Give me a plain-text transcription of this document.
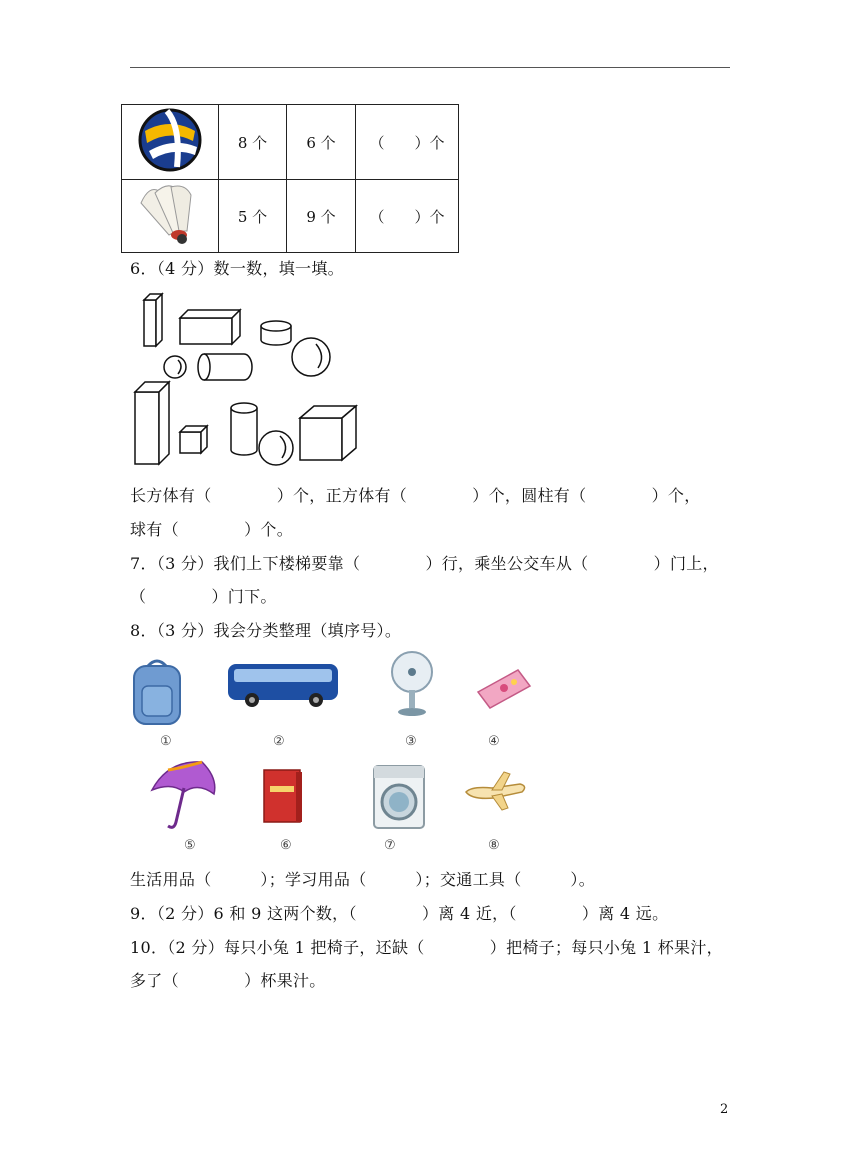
	8 个	6 个	（　　）个
	5 个	9 个	（　　）个
6．（4 分）数一数，填一填。
长方体有（　　　　）个，正方体有（　　　　）个，圆柱有（　　　　）个，
球有（　　　　）个。
7．（3 分）我们上下楼梯要靠（　　　　）行，乘坐公交车从（　　　　）门上，
（　　　　）门下。
8．（3 分）我会分类整理（填序号）。
①	②	③	④
⑤	⑥	⑦	⑧
生活用品（　　　）；学习用品（　　　）；交通工具（　　　）。
9．（2 分）6 和 9 这两个数，（　　　　）离 4 近，（　　　　）离 4 远。
10．（2 分）每只小兔 1 把椅子，还缺（　　　　）把椅子；每只小兔 1 杯果汁，
多了（　　　　）杯果汁。
2
